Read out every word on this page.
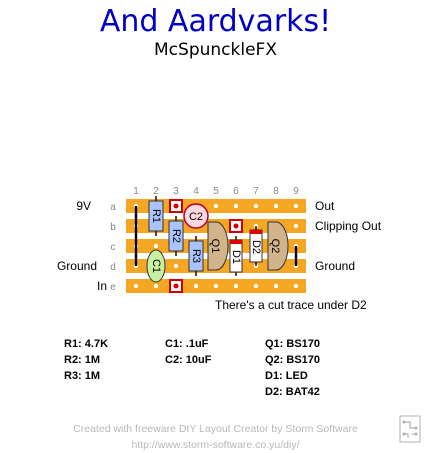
And Aardvarks!
McSpunckleFX
1 2 3 4 5 6 7 8 9
a
b
c
d
e
R1
R2
R3
C1
C2
Q1
D1
D2 Q2
9V
Ground
In
Out
Clipping Out
Ground
There's a cut trace under D2
R1: 4.7K
R2: 1M
R3: 1M
C1: .1uF
C2: 10uF
Q1: BS170
Q2: BS170
D1: LED
D2: BAT42
Created with freeware DIY Layout Creator by Storm Software
http://www.storm-software.co.yu/diy/
